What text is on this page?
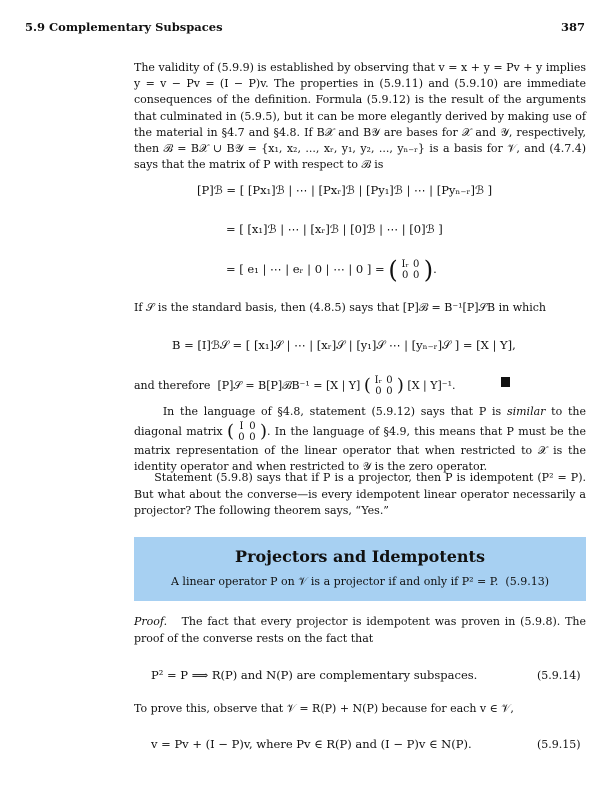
5.9 Complementary Subspaces	387
The validity of (5.9.9) is established by observing that v = x + y = Pv + y implies y = v − Pv = (I − P)v. The properties in (5.9.11) and (5.9.10) are immediate consequences of the definition. Formula (5.9.12) is the result of the arguments that culminated in (5.9.5), but it can be more elegantly derived by making use of the material in §4.7 and §4.8. If B𝒳 and B𝒴 are bases for 𝒳 and 𝒴, respectively, then ℬ = B𝒳 ∪ B𝒴 = {x₁, x₂, ..., xᵣ, y₁, y₂, ..., yₙ₋ᵣ} is a basis for 𝒱, and (4.7.4) says that the matrix of P with respect to ℬ is
[P]ℬ = [ [Px₁]ℬ | ⋯ | [Pxᵣ]ℬ | [Py₁]ℬ | ⋯ | [Pyₙ₋ᵣ]ℬ ]
= [ [x₁]ℬ | ⋯ | [xᵣ]ℬ | [0]ℬ | ⋯ | [0]ℬ ]
= [ e₁ | ⋯ | eᵣ | 0 | ⋯ | 0 ] = ( Iᵣ 0
0 0 ).
If 𝒮 is the standard basis, then (4.8.5) says that [P]ℬ = B⁻¹[P]𝒮B in which
B = [I]ℬ𝒮 = [ [x₁]𝒮 | ⋯ | [xᵣ]𝒮 | [y₁]𝒮 ⋯ | [yₙ₋ᵣ]𝒮 ] = [X | Y],
and therefore [P]𝒮 = B[P]ℬB⁻¹ = [X | Y] ( Iᵣ 0
0 0 ) [X | Y]⁻¹.
In the language of §4.8, statement (5.9.12) says that P is similar to the diagonal matrix ( I 0
0 0 ). In the language of §4.9, this means that P must be the matrix representation of the linear operator that when restricted to 𝒳 is the identity operator and when restricted to 𝒴 is the zero operator.
Statement (5.9.8) says that if P is a projector, then P is idempotent (P² = P). But what about the converse—is every idempotent linear operator necessarily a projector? The following theorem says, “Yes.”
Projectors and Idempotents
A linear operator P on 𝒱 is a projector if and only if P² = P. (5.9.13)
Proof. The fact that every projector is idempotent was proven in (5.9.8). The proof of the converse rests on the fact that
P² = P ⟹ R(P) and N(P) are complementary subspaces.	(5.9.14)
To prove this, observe that 𝒱 = R(P) + N(P) because for each v ∈ 𝒱,
v = Pv + (I − P)v, where Pv ∈ R(P) and (I − P)v ∈ N(P).	(5.9.15)
